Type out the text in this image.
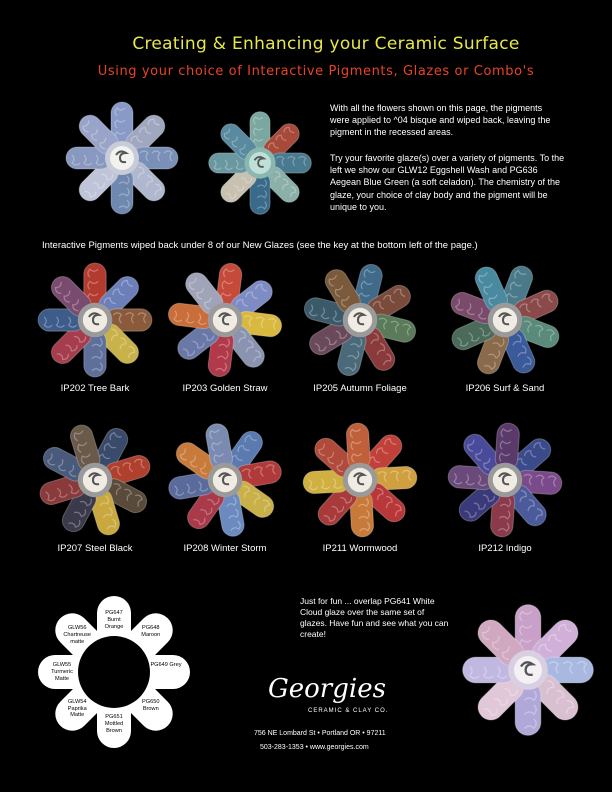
Creating & Enhancing your Ceramic Surface
Using your choice of Interactive Pigments, Glazes or Combo's
With all the flowers shown on this page, the pigments were applied to ^04 bisque and wiped back, leaving the pigment in the recessed areas.
Try your favorite glaze(s) over a variety of pigments. To the left we show our GLW12 Eggshell Wash and PG636 Aegean Blue Green (a soft celadon). The chemistry of the glaze, your choice of clay body and the pigment will be unique to you.
Interactive Pigments wiped back under 8 of our New Glazes (see the key at the bottom left of the page.)
IP202 Tree Bark	IP203 Golden Straw	IP205 Autumn Foliage	IP206 Surf & Sand
IP207 Steel Black	IP208 Winter Storm	IP211 Wormwood	IP212 Indigo
PG647 Burnt Orange	PG648 Maroon
PG649 Grey
PG650 Brown
PG651 Mottled Brown
GLW54 Paprika Matte
GLW55 Turmeric Matte
GLW56 Chartreuse matte
Just for fun ... overlap PG641 White Cloud glaze over the same set of glazes. Have fun and see what you can create!
Georgies
CERAMIC & CLAY CO.
756 NE Lombard St • Portland OR • 97211
503-283-1353 • www.georgies.com
